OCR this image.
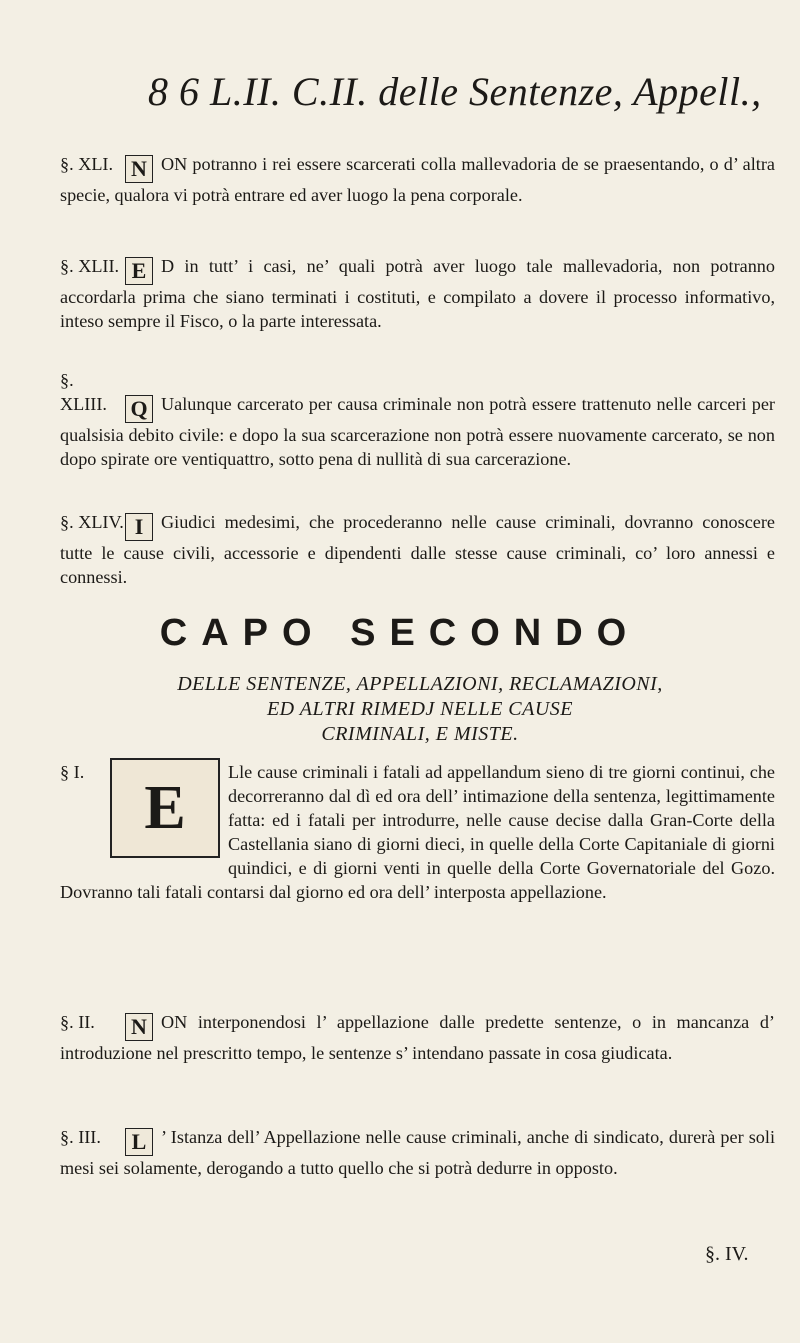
8 6 L.II. C.II. delle Sentenze, Appell.,
§. XLI. N ON potranno i rei essere scarcerati colla mallevadoria de se praesentando, o d’ altra specie, qualora vi potrà entrare ed aver luogo la pena corporale.
§. XLII. E D in tutt’ i casi, ne’ quali potrà aver luogo tale mallevadoria, non potranno accordarla prima che siano terminati i costituti, e compilato a dovere il processo informativo, inteso sempre il Fisco, o la parte interessata.
§. XLIII. Q Ualunque carcerato per causa criminale non potrà essere trattenuto nelle carceri per qualsisia debito civile: e dopo la sua scarcerazione non potrà essere nuovamente carcerato, se non dopo spirate ore ventiquattro, sotto pena di nullità di sua carcerazione.
§. XLIV. I Giudici medesimi, che procederanno nelle cause criminali, dovranno conoscere tutte le cause civili, accessorie e dipendenti dalle stesse cause criminali, co’ loro annessi e connessi.
CAPO SECONDO
DELLE SENTENZE, APPELLAZIONI, RECLAMAZIONI,
ED ALTRI RIMEDJ NELLE CAUSE
CRIMINALI, E MISTE.
§ I.
E
Lle cause criminali i fatali ad appellandum sieno di tre giorni continui, che decorreranno dal dì ed ora dell’ intimazione della sentenza, legittimamente fatta: ed i fatali per introdurre, nelle cause decise dalla Gran-Corte della Castellania siano di giorni dieci, in quelle della Corte Capitaniale di giorni quindici, e di giorni venti in quelle della Corte Governatoriale del Gozo. Dovranno tali fatali contarsi dal giorno ed ora dell’ interposta appellazione.
§. II. N ON interponendosi l’ appellazione dalle predette sentenze, o in mancanza d’ introduzione nel prescritto tempo, le sentenze s’ intendano passate in cosa giudicata.
§. III. L ’ Istanza dell’ Appellazione nelle cause criminali, anche di sindicato, durerà per soli mesi sei solamente, derogando a tutto quello che si potrà dedurre in opposto.
§. IV.
